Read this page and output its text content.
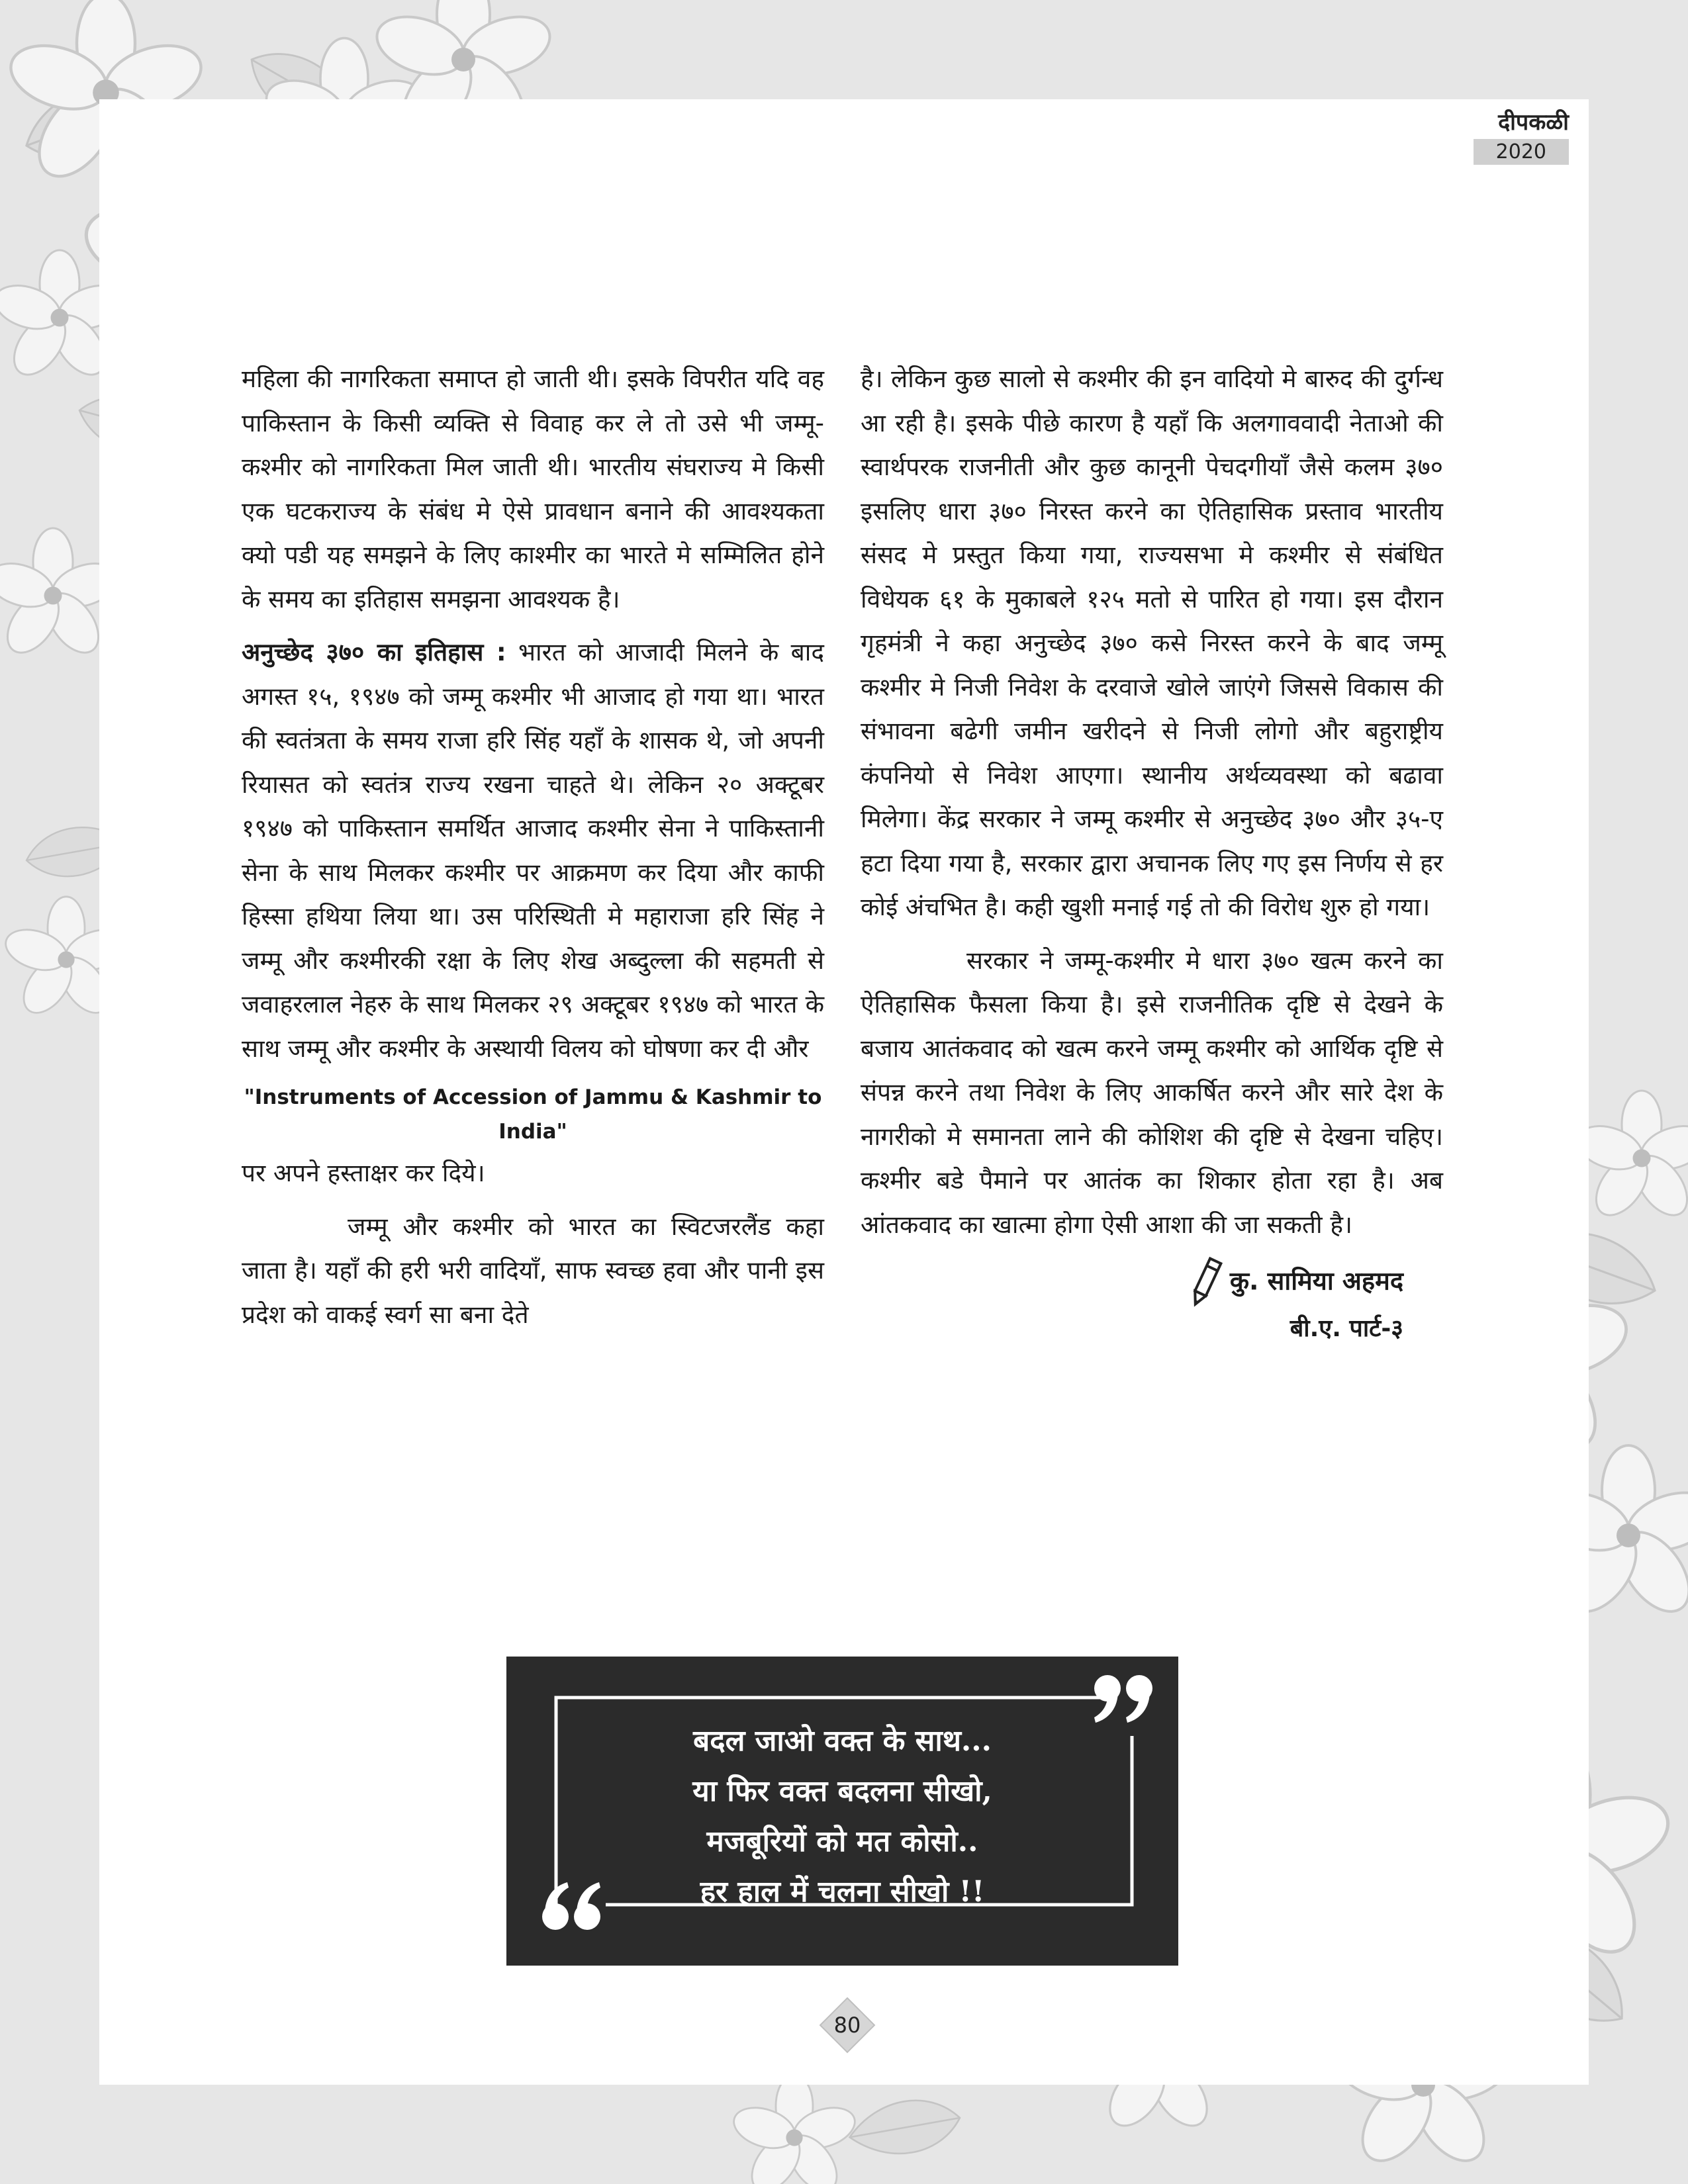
दीपकळी
2020

महिला की नागरिकता समाप्त हो जाती थी। इसके विपरीत यदि वह पाकिस्तान के किसी व्यक्ति से विवाह कर ले तो उसे भी जम्मू-कश्मीर को नागरिकता मिल जाती थी। भारतीय संघराज्य मे किसी एक घटकराज्य के संबंध मे ऐसे प्रावधान बनाने की आवश्यकता क्यो पडी यह समझने के लिए काश्मीर का भारते मे सम्मिलित होने के समय का इतिहास समझना आवश्यक है।

अनुच्छेद ३७० का इतिहास : भारत को आजादी मिलने के बाद अगस्त १५, १९४७ को जम्मू कश्मीर भी आजाद हो गया था। भारत की स्वतंत्रता के समय राजा हरि सिंह यहाँ के शासक थे, जो अपनी रियासत को स्वतंत्र राज्य रखना चाहते थे। लेकिन २० अक्टूबर १९४७ को पाकिस्तान समर्थित आजाद कश्मीर सेना ने पाकिस्तानी सेना के साथ मिलकर कश्मीर पर आक्रमण कर दिया और काफी हिस्सा हथिया लिया था। उस परिस्थिती मे महाराजा हरि सिंह ने जम्मू और कश्मीरकी रक्षा के लिए शेख अब्दुल्ला की सहमती से जवाहरलाल नेहरु के साथ मिलकर २९ अक्टूबर १९४७ को भारत के साथ जम्मू और कश्मीर के अस्थायी विलय को घोषणा कर दी और

"Instruments of Accession of Jammu & Kashmir to India"

पर अपने हस्ताक्षर कर दिये।

जम्मू और कश्मीर को भारत का स्विटजरलैंड कहा जाता है। यहाँ की हरी भरी वादियाँ, साफ स्वच्छ हवा और पानी इस प्रदेश को वाकई स्वर्ग सा बना देते

है। लेकिन कुछ सालो से कश्मीर की इन वादियो मे बारुद की दुर्गन्ध आ रही है। इसके पीछे कारण है यहाँ कि अलगाववादी नेताओ की स्वार्थपरक राजनीती और कुछ कानूनी पेचदगीयाँ जैसे कलम ३७० इसलिए धारा ३७० निरस्त करने का ऐतिहासिक प्रस्ताव भारतीय संसद मे प्रस्तुत किया गया, राज्यसभा मे कश्मीर से संबंधित विधेयक ६१ के मुकाबले १२५ मतो से पारित हो गया। इस दौरान गृहमंत्री ने कहा अनुच्छेद ३७० कसे निरस्त करने के बाद जम्मू कश्मीर मे निजी निवेश के दरवाजे खोले जाएंगे जिससे विकास की संभावना बढेगी जमीन खरीदने से निजी लोगो और बहुराष्ट्रीय कंपनियो से निवेश आएगा। स्थानीय अर्थव्यवस्था को बढावा मिलेगा। केंद्र सरकार ने जम्मू कश्मीर से अनुच्छेद ३७० और ३५-ए हटा दिया गया है, सरकार द्वारा अचानक लिए गए इस निर्णय से हर कोई अंचभित है। कही खुशी मनाई गई तो की विरोध शुरु हो गया।

सरकार ने जम्मू-कश्मीर मे धारा ३७० खत्म करने का ऐतिहासिक फैसला किया है। इसे राजनीतिक दृष्टि से देखने के बजाय आतंकवाद को खत्म करने जम्मू कश्मीर को आर्थिक दृष्टि से संपन्न करने तथा निवेश के लिए आकर्षित करने और सारे देश के नागरीको मे समानता लाने की कोशिश की दृष्टि से देखना चहिए। कश्मीर बडे पैमाने पर आतंक का शिकार होता रहा है। अब आंतकवाद का खात्मा होगा ऐसी आशा की जा सकती है।

कु. सामिया अहमद
बी.ए. पार्ट-३
बदल जाओ वक्त के साथ...
या फिर वक्त बदलना सीखो,
मजबूरियों को मत कोसो..
हर हाल में चलना सीखो !!
80
